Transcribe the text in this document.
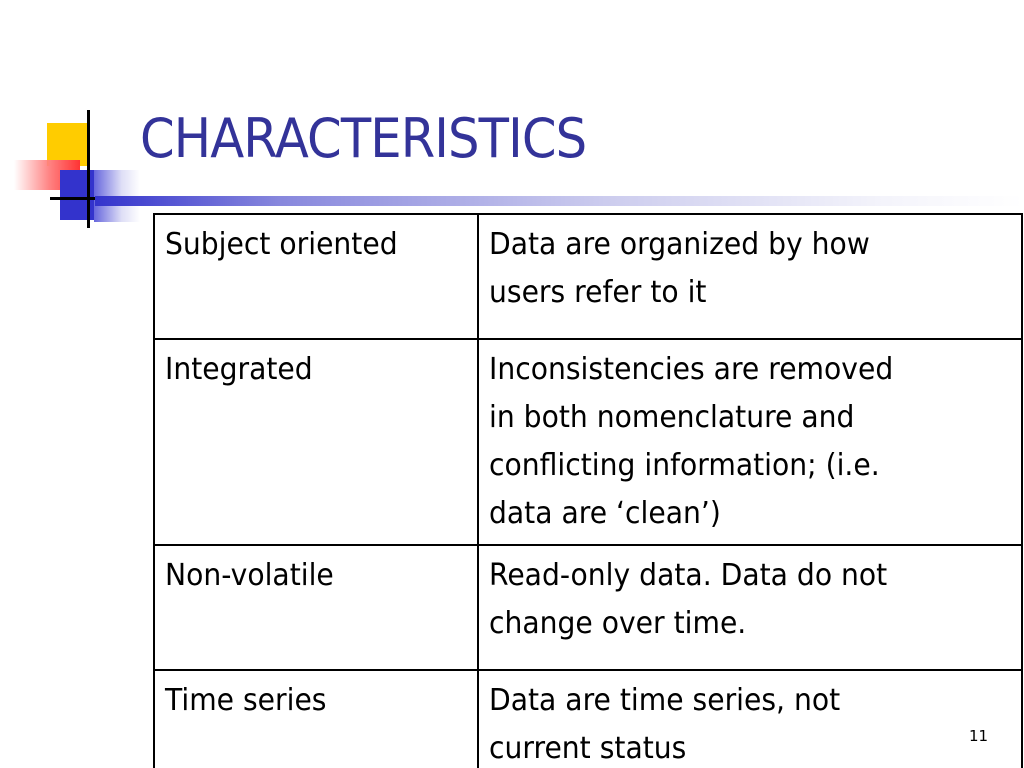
CHARACTERISTICS
Subject oriented	Data are organized by how
users refer to it

Integrated	Inconsistencies are removed
in both nomenclature and
conflicting information; (i.e.
data are ‘clean’)

Non-volatile	Read-only data. Data do not
change over time.

Time series	Data are time series, not
current status	11
